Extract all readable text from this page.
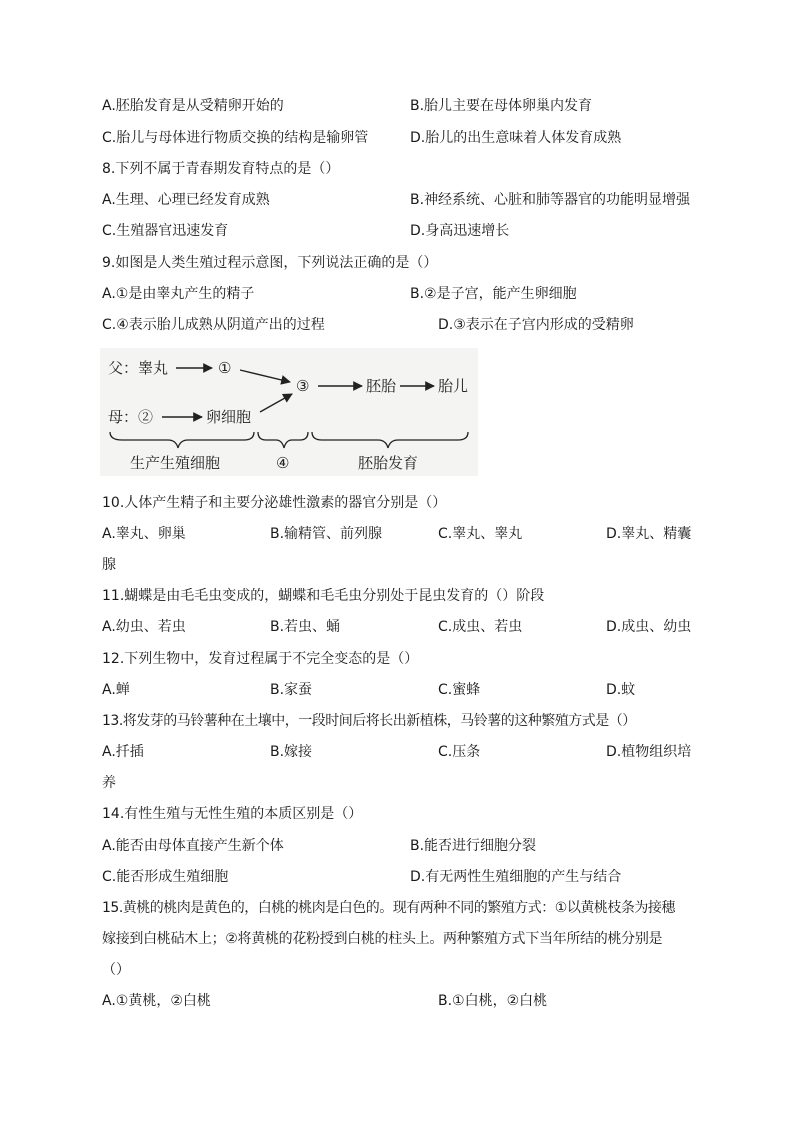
A.胚胎发育是从受精卵开始的	B.胎儿主要在母体卵巢内发育
C.胎儿与母体进行物质交换的结构是输卵管	D.胎儿的出生意味着人体发育成熟
8.下列不属于青春期发育特点的是（）
A.生理、心理已经发育成熟	B.神经系统、心脏和肺等器官的功能明显增强
C.生殖器官迅速发育	D.身高迅速增长
9.如图是人类生殖过程示意图，下列说法正确的是（）
A.①是由睾丸产生的精子	B.②是子宫，能产生卵细胞
C.④表示胎儿成熟从阴道产出的过程	D.③表示在子宫内形成的受精卵
父：睾丸	①
③	胚胎	胎儿
母：②	卵细胞
生产生殖细胞	④	胚胎发育
10.人体产生精子和主要分泌雄性激素的器官分别是（）
A.睾丸、卵巢	B.输精管、前列腺	C.睾丸、睾丸	D.睾丸、精囊
腺
11.蝴蝶是由毛毛虫变成的，蝴蝶和毛毛虫分别处于昆虫发育的（）阶段
A.幼虫、若虫	B.若虫、蛹	C.成虫、若虫	D.成虫、幼虫
12.下列生物中，发育过程属于不完全变态的是（）
A.蝉	B.家蚕	C.蜜蜂	D.蚊
13.将发芽的马铃薯种在土壤中，一段时间后将长出新植株，马铃薯的这种繁殖方式是（）
A.扦插	B.嫁接	C.压条	D.植物组织培
养
14.有性生殖与无性生殖的本质区别是（）
A.能否由母体直接产生新个体	B.能否进行细胞分裂
C.能否形成生殖细胞	D.有无两性生殖细胞的产生与结合
15.黄桃的桃肉是黄色的，白桃的桃肉是白色的。现有两种不同的繁殖方式：①以黄桃枝条为接穗
嫁接到白桃砧木上；②将黄桃的花粉授到白桃的柱头上。两种繁殖方式下当年所结的桃分别是
（）
A.①黄桃，②白桃	B.①白桃，②白桃
